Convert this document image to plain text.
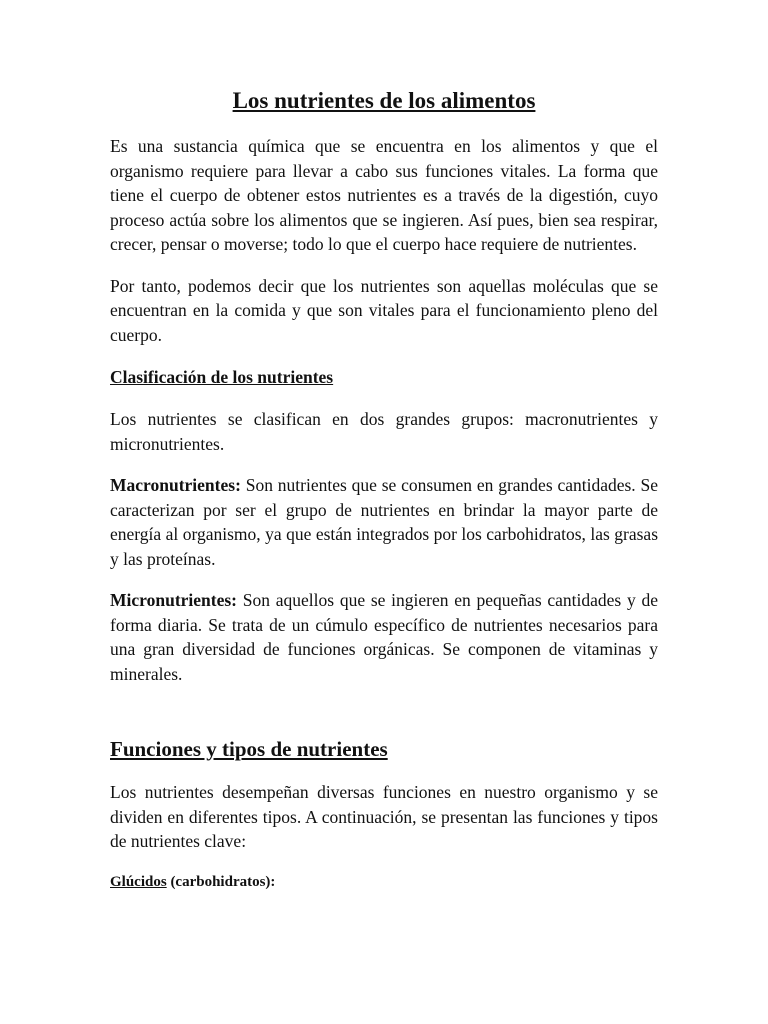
Los nutrientes de los alimentos

Es una sustancia química que se encuentra en los alimentos y que el organismo requiere para llevar a cabo sus funciones vitales. La forma que tiene el cuerpo de obtener estos nutrientes es a través de la digestión, cuyo proceso actúa sobre los alimentos que se ingieren. Así pues, bien sea respirar, crecer, pensar o moverse; todo lo que el cuerpo hace requiere de nutrientes.

Por tanto, podemos decir que los nutrientes son aquellas moléculas que se encuentran en la comida y que son vitales para el funcionamiento pleno del cuerpo.

Clasificación de los nutrientes

Los nutrientes se clasifican en dos grandes grupos: macronutrientes y micronutrientes.

Macronutrientes: Son nutrientes que se consumen en grandes cantidades. Se caracterizan por ser el grupo de nutrientes en brindar la mayor parte de energía al organismo, ya que están integrados por los carbohidratos, las grasas y las proteínas.

Micronutrientes: Son aquellos que se ingieren en pequeñas cantidades y de forma diaria. Se trata de un cúmulo específico de nutrientes necesarios para una gran diversidad de funciones orgánicas. Se componen de vitaminas y minerales.

Funciones y tipos de nutrientes

Los nutrientes desempeñan diversas funciones en nuestro organismo y se dividen en diferentes tipos. A continuación, se presentan las funciones y tipos de nutrientes clave:

Glúcidos (carbohidratos):
